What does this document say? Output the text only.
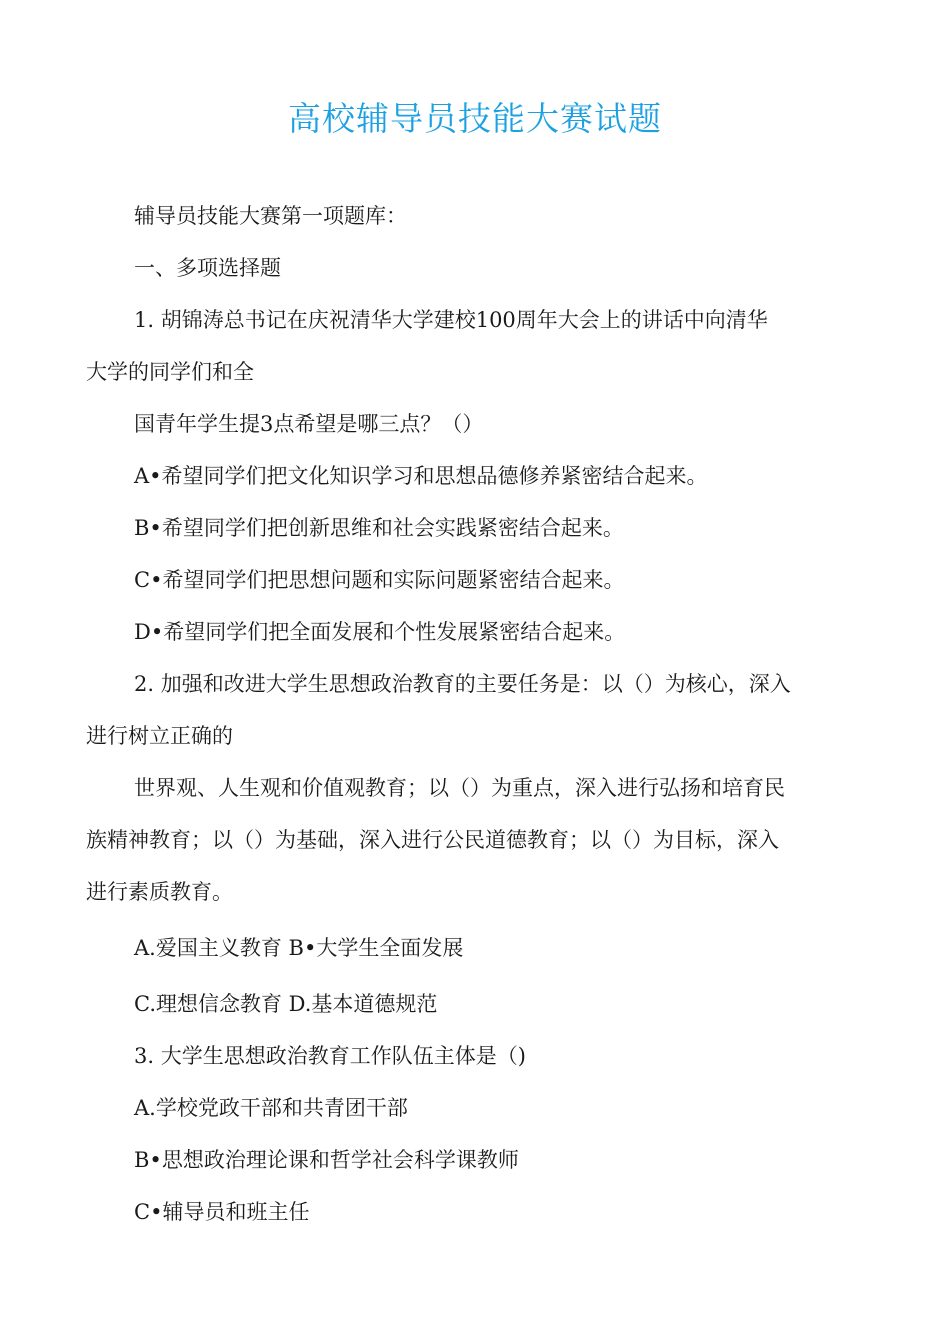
高校辅导员技能大赛试题
辅导员技能大赛第一项题库：
一、多项选择题
1. 胡锦涛总书记在庆祝清华大学建校100周年大会上的讲话中向清华
大学的同学们和全
国青年学生提3点希望是哪三点？（）
A•希望同学们把文化知识学习和思想品德修养紧密结合起来。
B•希望同学们把创新思维和社会实践紧密结合起来。
C•希望同学们把思想问题和实际问题紧密结合起来。
D•希望同学们把全面发展和个性发展紧密结合起来。
2. 加强和改进大学生思想政治教育的主要任务是：以（）为核心，深入
进行树立正确的
世界观、人生观和价值观教育；以（）为重点，深入进行弘扬和培育民
族精神教育；以（）为基础，深入进行公民道德教育；以（）为目标，深入
进行素质教育。
A.爱国主义教育 B•大学生全面发展
C.理想信念教育 D.基本道德规范
3. 大学生思想政治教育工作队伍主体是（)
A.学校党政干部和共青团干部
B•思想政治理论课和哲学社会科学课教师
C•辅导员和班主任
